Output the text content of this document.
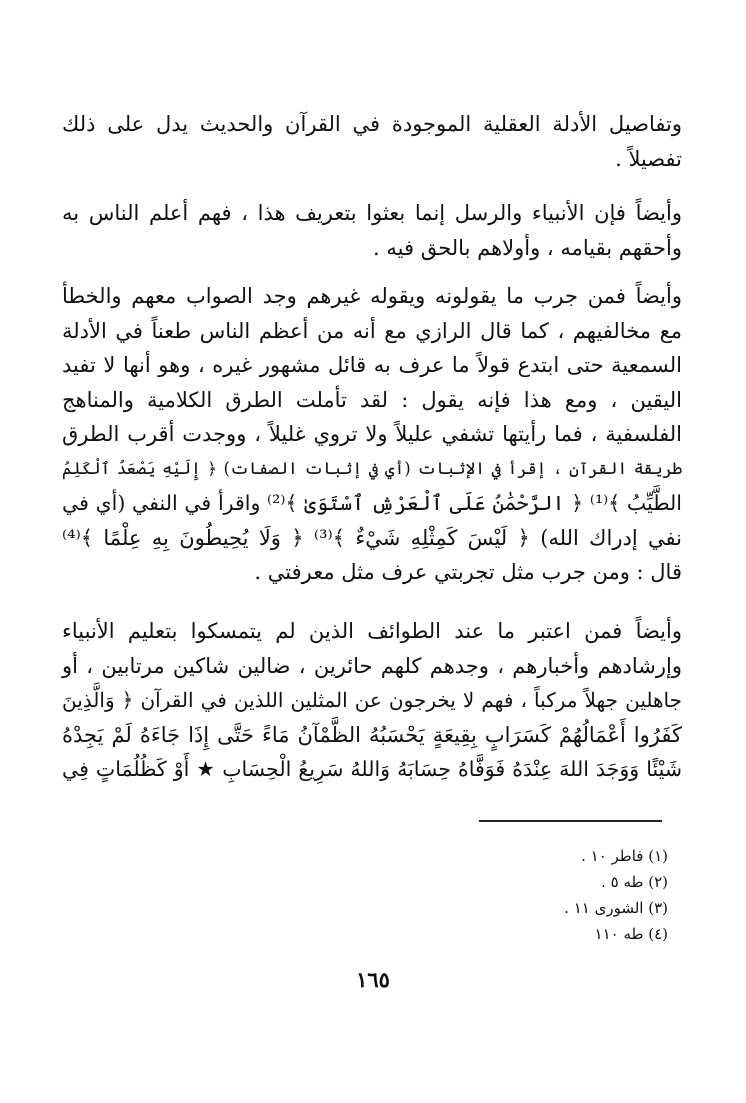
وتفاصيل الأدلة العقلية الموجودة في القرآن والحديث يدل على ذلك
تفصيلاً .
وأيضاً فإن الأنبياء والرسل إنما بعثوا بتعريف هذا ، فهم أعلم الناس به
وأحقهم بقيامه ، وأولاهم بالحق فيه .
وأيضاً فمن جرب ما يقولونه ويقوله غيرهم وجد الصواب معهم والخطأ
مع مخالفيهم ، كما قال الرازي مع أنه من أعظم الناس طعناً في الأدلة
السمعية حتى ابتدع قولاً ما عرف به قائل مشهور غيره ، وهو أنها لا تفيد
اليقين ، ومع هذا فإنه يقول : لقد تأملت الطرق الكلامية والمناهج
الفلسفية ، فما رأيتها تشفي عليلاً ولا تروي غليلاً ، ووجدت أقرب الطرق
طريقة القرآن ، إقرأ في الإثبات (أي في إثبات الصفات) ﴿ إِلَيْهِ يَصْعَدُ ٱلْكَلِمُ
الطَّيِّبُ ﴾⁽¹⁾ ﴿ الرَّحْمَٰنُ عَلَى ٱلْعَرْشِ ٱسْتَوَىٰ ﴾⁽²⁾ واقرأ في النفي (أي في
نفي إدراك الله) ﴿ لَيْسَ كَمِثْلِهِ شَيْءٌ ﴾⁽³⁾ ﴿ وَلَا يُحِيطُونَ بِهِ عِلْمًا ﴾⁽⁴⁾
قال : ومن جرب مثل تجربتي عرف مثل معرفتي .
وأيضاً فمن اعتبر ما عند الطوائف الذين لم يتمسكوا بتعليم الأنبياء
وإرشادهم وأخبارهم ، وجدهم كلهم حائرين ، ضالين شاكين مرتابين ، أو
جاهلين جهلاً مركباً ، فهم لا يخرجون عن المثلين اللذين في القرآن ﴿ وَالَّذِينَ
كَفَرُوا أَعْمَالُهُمْ كَسَرَابٍ بِقِيعَةٍ يَحْسَبُهُ الظَّمْآنُ مَاءً حَتَّى إِذَا جَاءَهُ لَمْ يَجِدْهُ
شَيْئًا وَوَجَدَ اللهَ عِنْدَهُ فَوَفَّاهُ حِسَابَهُ وَاللهُ سَرِيعُ الْحِسَابِ ★ أَوْ كَظُلُمَاتٍ فِي
(١) فاطر ١٠ .
(٢) طه ٥ .
(٣) الشورى ١١ .
(٤) طه ١١٠
١٦٥
